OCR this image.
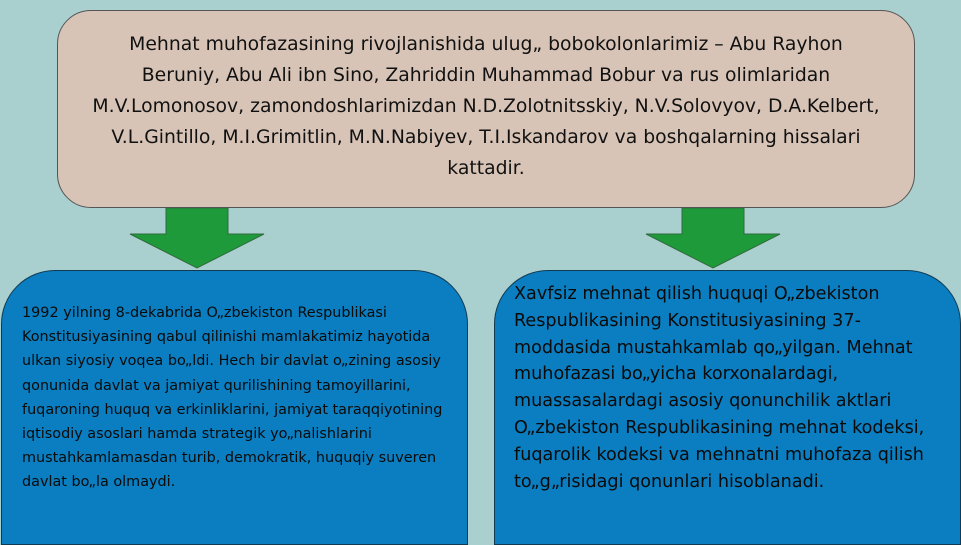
Mehnat muhofazasining rivojlanishida ulug„ bobokolonlarimiz – Abu Rayhon Beruniy, Abu Ali ibn Sino, Zahriddin Muhammad Bobur va rus olimlaridan M.V.Lomonosov, zamondoshlarimizdan N.D.Zolotnitsskiy, N.V.Solovyov, D.A.Kelbert, V.L.Gintillo, M.I.Grimitlin, M.N.Nabiyev, T.I.Iskandarov va boshqalarning hissalari kattadir.
1992 yilning 8-dekabrida O„zbekiston Respublikasi Konstitusiyasining qabul qilinishi mamlakatimiz hayotida ulkan siyosiy voqea bo„ldi. Hech bir davlat o„zining asosiy qonunida davlat va jamiyat qurilishining tamoyillarini, fuqaroning huquq va erkinliklarini, jamiyat taraqqiyotining iqtisodiy asoslari hamda strategik yo„nalishlarini mustahkamlamasdan turib, demokratik, huquqiy suveren davlat bo„la olmaydi.
Xavfsiz mehnat qilish huquqi O„zbekiston Respublikasining Konstitusiyasining 37-moddasida mustahkamlab qo„yilgan. Mehnat muhofazasi bo„yicha korxonalardagi, muassasalardagi asosiy qonunchilik aktlari O„zbekiston Respublikasining mehnat kodeksi, fuqarolik kodeksi va mehnatni muhofaza qilish to„g„risidagi qonunlari hisoblanadi.
